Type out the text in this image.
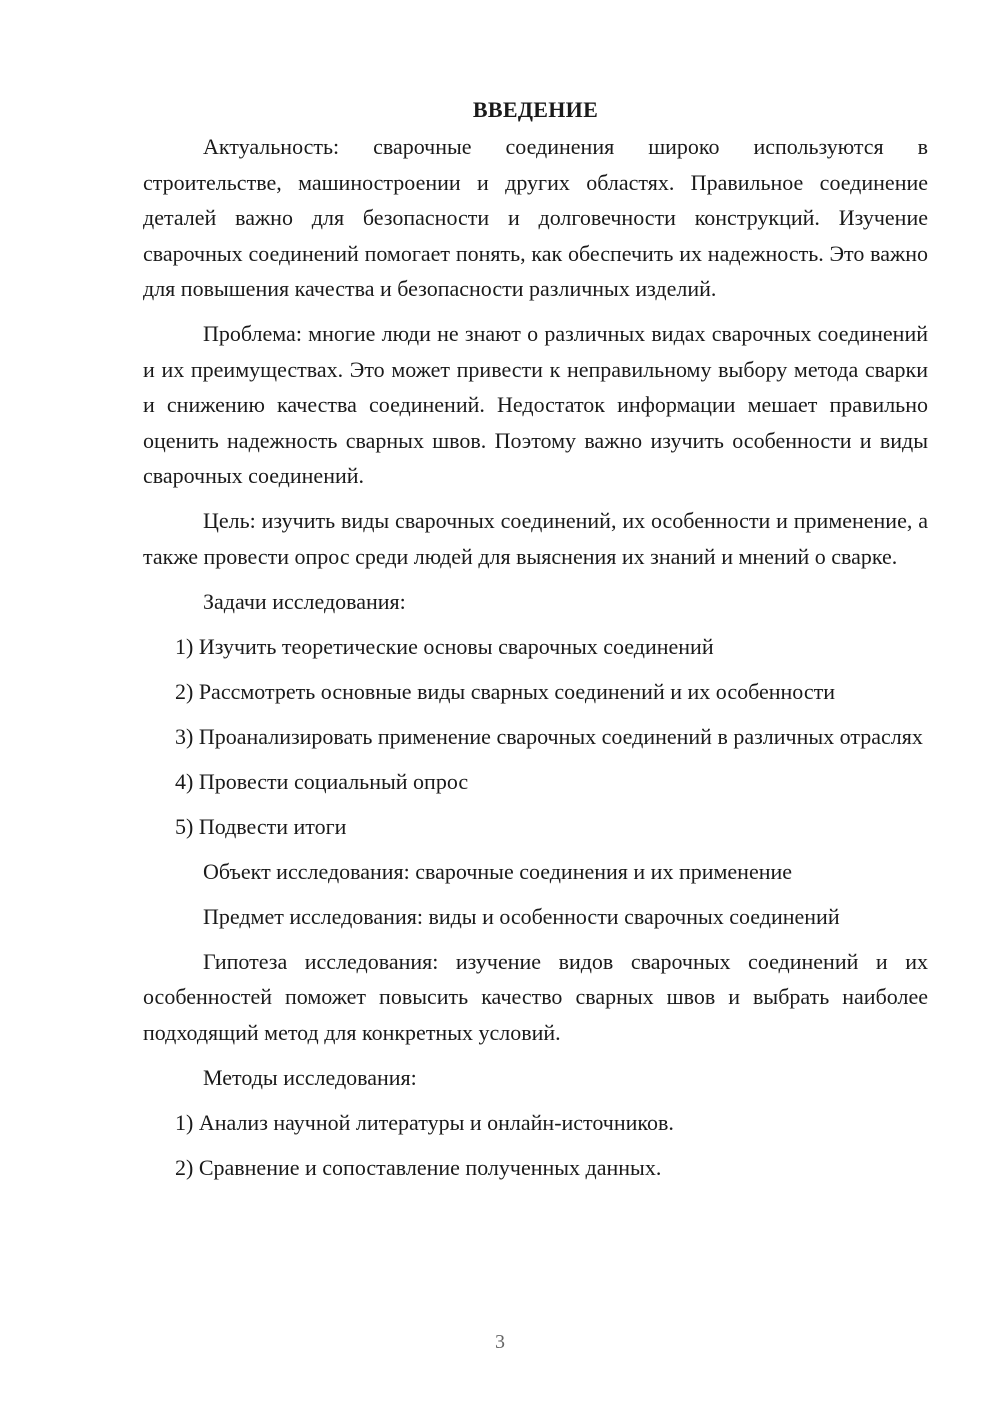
ВВЕДЕНИЕ
Актуальность: сварочные соединения широко используются в строительстве, машиностроении и других областях. Правильное соединение деталей важно для безопасности и долговечности конструкций. Изучение сварочных соединений помогает понять, как обеспечить их надежность. Это важно для повышения качества и безопасности различных изделий.
Проблема: многие люди не знают о различных видах сварочных соединений и их преимуществах. Это может привести к неправильному выбору метода сварки и снижению качества соединений. Недостаток информации мешает правильно оценить надежность сварных швов. Поэтому важно изучить особенности и виды сварочных соединений.
Цель: изучить виды сварочных соединений, их особенности и применение, а также провести опрос среди людей для выяснения их знаний и мнений о сварке.
Задачи исследования:
1) Изучить теоретические основы сварочных соединений
2) Рассмотреть основные виды сварных соединений и их особенности
3) Проанализировать применение сварочных соединений в различных отраслях
4) Провести социальный опрос
5) Подвести итоги
Объект исследования: сварочные соединения и их применение
Предмет исследования: виды и особенности сварочных соединений
Гипотеза исследования: изучение видов сварочных соединений и их особенностей поможет повысить качество сварных швов и выбрать наиболее подходящий метод для конкретных условий.
Методы исследования:
1) Анализ научной литературы и онлайн-источников.
2) Сравнение и сопоставление полученных данных.
3
